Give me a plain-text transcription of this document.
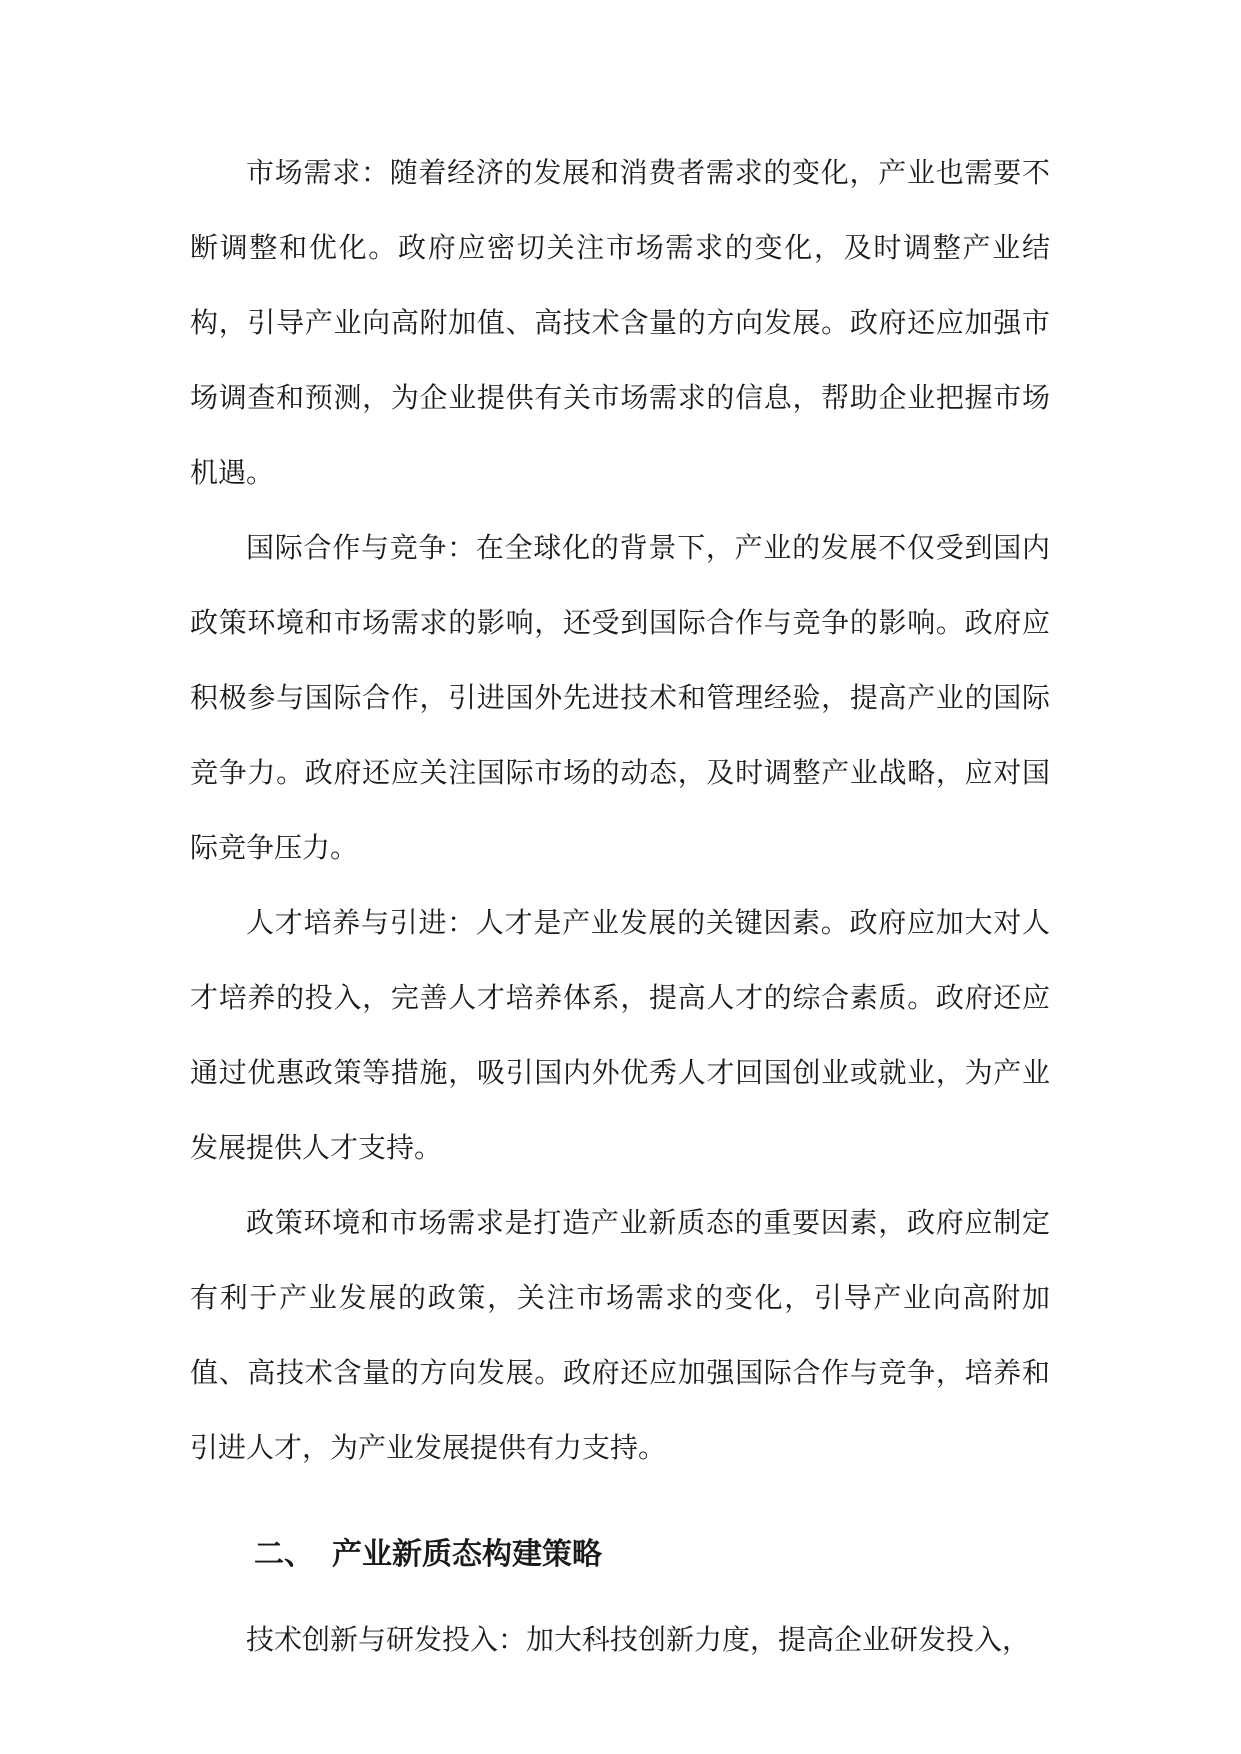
市场需求：随着经济的发展和消费者需求的变化，产业也需要不断调整和优化。政府应密切关注市场需求的变化，及时调整产业结构，引导产业向高附加值、高技术含量的方向发展。政府还应加强市场调查和预测，为企业提供有关市场需求的信息，帮助企业把握市场机遇。

国际合作与竞争：在全球化的背景下，产业的发展不仅受到国内政策环境和市场需求的影响，还受到国际合作与竞争的影响。政府应积极参与国际合作，引进国外先进技术和管理经验，提高产业的国际竞争力。政府还应关注国际市场的动态，及时调整产业战略，应对国际竞争压力。

人才培养与引进：人才是产业发展的关键因素。政府应加大对人才培养的投入，完善人才培养体系，提高人才的综合素质。政府还应通过优惠政策等措施，吸引国内外优秀人才回国创业或就业，为产业发展提供人才支持。

政策环境和市场需求是打造产业新质态的重要因素，政府应制定有利于产业发展的政策，关注市场需求的变化，引导产业向高附加值、高技术含量的方向发展。政府还应加强国际合作与竞争，培养和引进人才，为产业发展提供有力支持。

二、 产业新质态构建策略

技术创新与研发投入：加大科技创新力度，提高企业研发投入，
